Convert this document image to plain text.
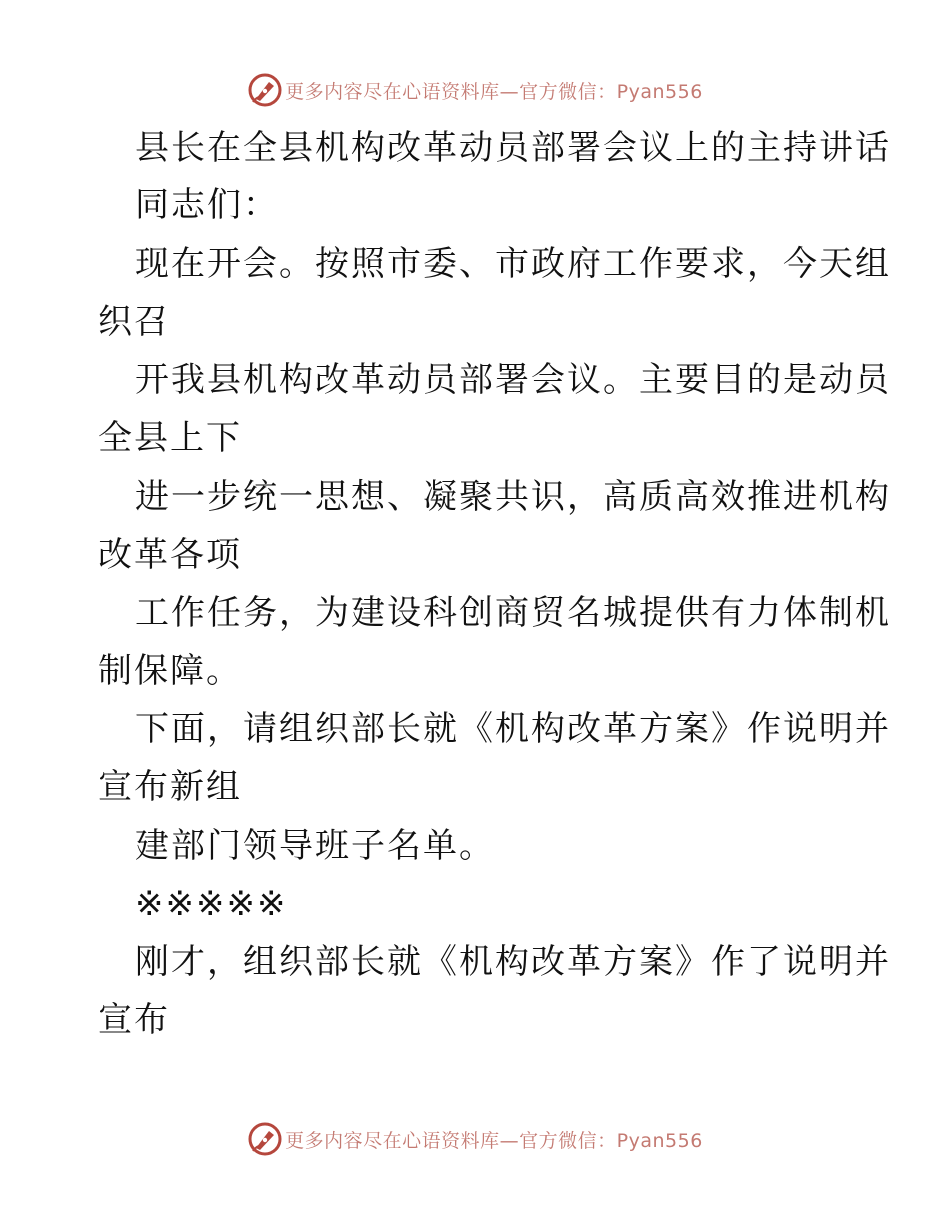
更多内容尽在心语资料库—官方微信：Pyan556

县长在全县机构改革动员部署会议上的主持讲话

同志们：

现在开会。按照市委、市政府工作要求，今天组

织召

开我县机构改革动员部署会议。主要目的是动员

全县上下

进一步统一思想、凝聚共识，高质高效推进机构

改革各项

工作任务，为建设科创商贸名城提供有力体制机

制保障。

下面，请组织部长就《机构改革方案》作说明并

宣布新组

建部门领导班子名单。

※※※※※

刚才，组织部长就《机构改革方案》作了说明并

宣布

更多内容尽在心语资料库—官方微信：Pyan556
